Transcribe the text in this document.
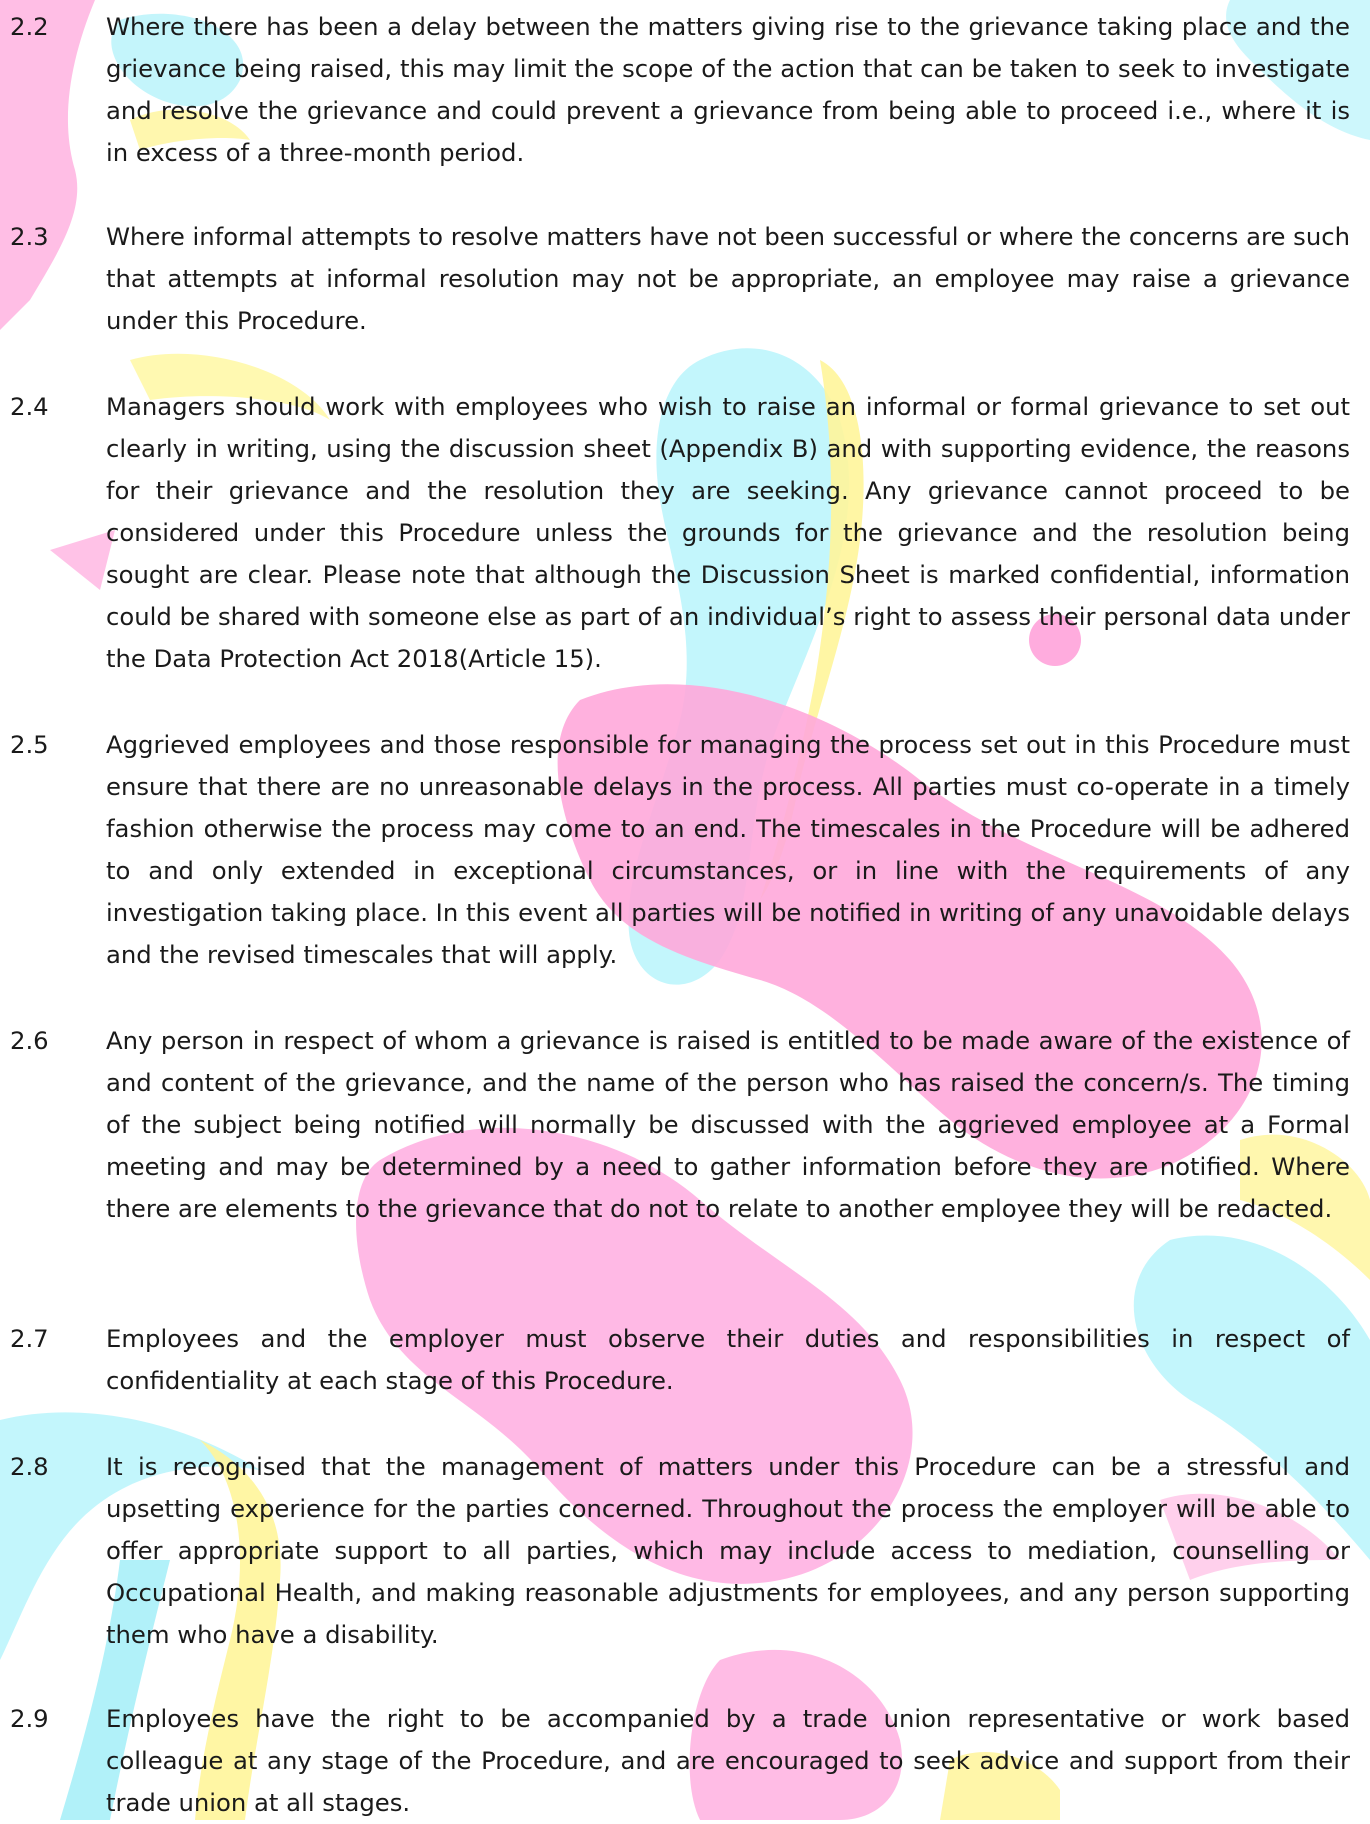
2.2	Where there has been a delay between the matters giving rise to the grievance taking place and the grievance being raised, this may limit the scope of the action that can be taken to seek to investigate and resolve the grievance and could prevent a grievance from being able to proceed i.e., where it is in excess of a three-month period.

2.3	Where informal attempts to resolve matters have not been successful or where the concerns are such that attempts at informal resolution may not be appropriate, an employee may raise a grievance under this Procedure.

2.4	Managers should work with employees who wish to raise an informal or formal grievance to set out clearly in writing, using the discussion sheet (Appendix B) and with supporting evidence, the reasons for their grievance and the resolution they are seeking. Any grievance cannot proceed to be considered under this Procedure unless the grounds for the grievance and the resolution being sought are clear. Please note that although the Discussion Sheet is marked confidential, information could be shared with someone else as part of an individual’s right to assess their personal data under the Data Protection Act 2018(Article 15).

2.5	Aggrieved employees and those responsible for managing the process set out in this Procedure must ensure that there are no unreasonable delays in the process. All parties must co-operate in a timely fashion otherwise the process may come to an end. The timescales in the Procedure will be adhered to and only extended in exceptional circumstances, or in line with the requirements of any investigation taking place. In this event all parties will be notified in writing of any unavoidable delays and the revised timescales that will apply.

2.6	Any person in respect of whom a grievance is raised is entitled to be made aware of the existence of and content of the grievance, and the name of the person who has raised the concern/s. The timing of the subject being notified will normally be discussed with the aggrieved employee at a Formal meeting and may be determined by a need to gather information before they are notified. Where there are elements to the grievance that do not to relate to another employee they will be redacted.

2.7	Employees and the employer must observe their duties and responsibilities in respect of confidentiality at each stage of this Procedure.

2.8	It is recognised that the management of matters under this Procedure can be a stressful and upsetting experience for the parties concerned. Throughout the process the employer will be able to offer appropriate support to all parties, which may include access to mediation, counselling or Occupational Health, and making reasonable adjustments for employees, and any person supporting them who have a disability.

2.9	Employees have the right to be accompanied by a trade union representative or work based colleague at any stage of the Procedure, and are encouraged to seek advice and support from their trade union at all stages.
